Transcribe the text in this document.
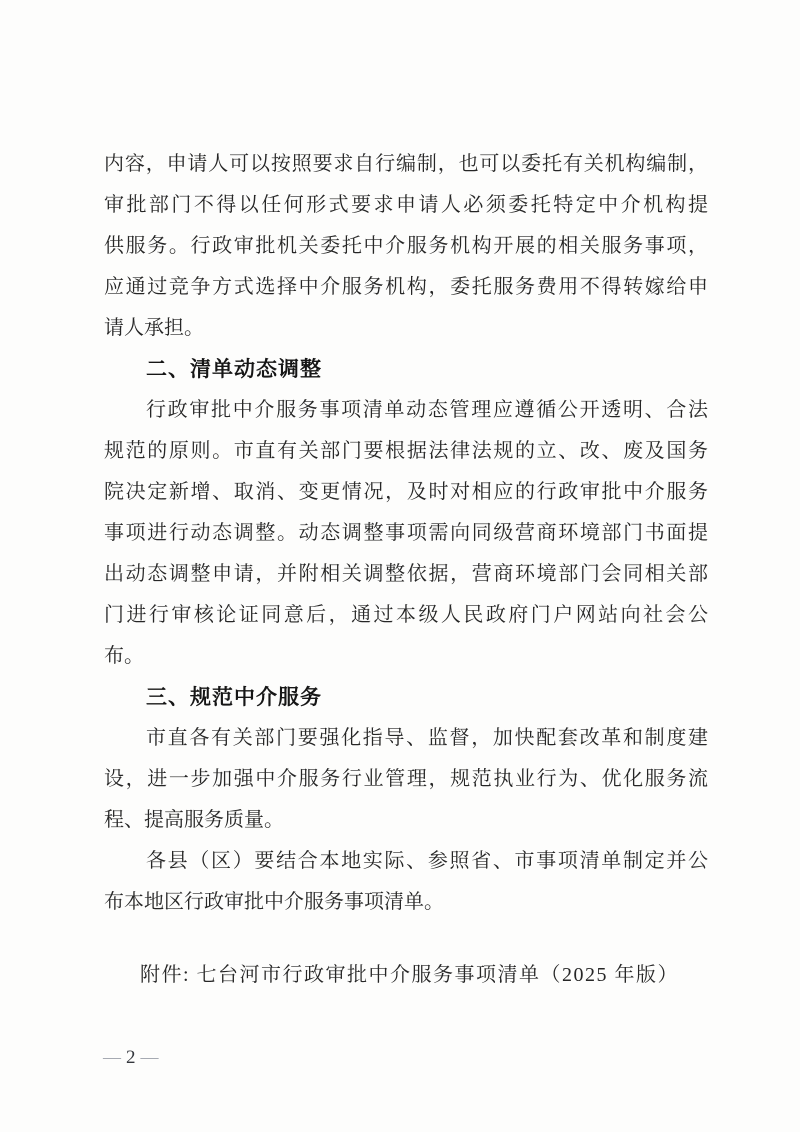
内容，申请人可以按照要求自行编制，也可以委托有关机构编制，
审批部门不得以任何形式要求申请人必须委托特定中介机构提
供服务。行政审批机关委托中介服务机构开展的相关服务事项，
应通过竞争方式选择中介服务机构，委托服务费用不得转嫁给申
请人承担。
二、清单动态调整
行政审批中介服务事项清单动态管理应遵循公开透明、合法
规范的原则。市直有关部门要根据法律法规的立、改、废及国务
院决定新增、取消、变更情况，及时对相应的行政审批中介服务
事项进行动态调整。动态调整事项需向同级营商环境部门书面提
出动态调整申请，并附相关调整依据，营商环境部门会同相关部
门进行审核论证同意后，通过本级人民政府门户网站向社会公
布。
三、规范中介服务
市直各有关部门要强化指导、监督，加快配套改革和制度建
设，进一步加强中介服务行业管理，规范执业行为、优化服务流
程、提高服务质量。
各县（区）要结合本地实际、参照省、市事项清单制定并公
布本地区行政审批中介服务事项清单。
附件: 七台河市行政审批中介服务事项清单（2025 年版）
— 2 —
